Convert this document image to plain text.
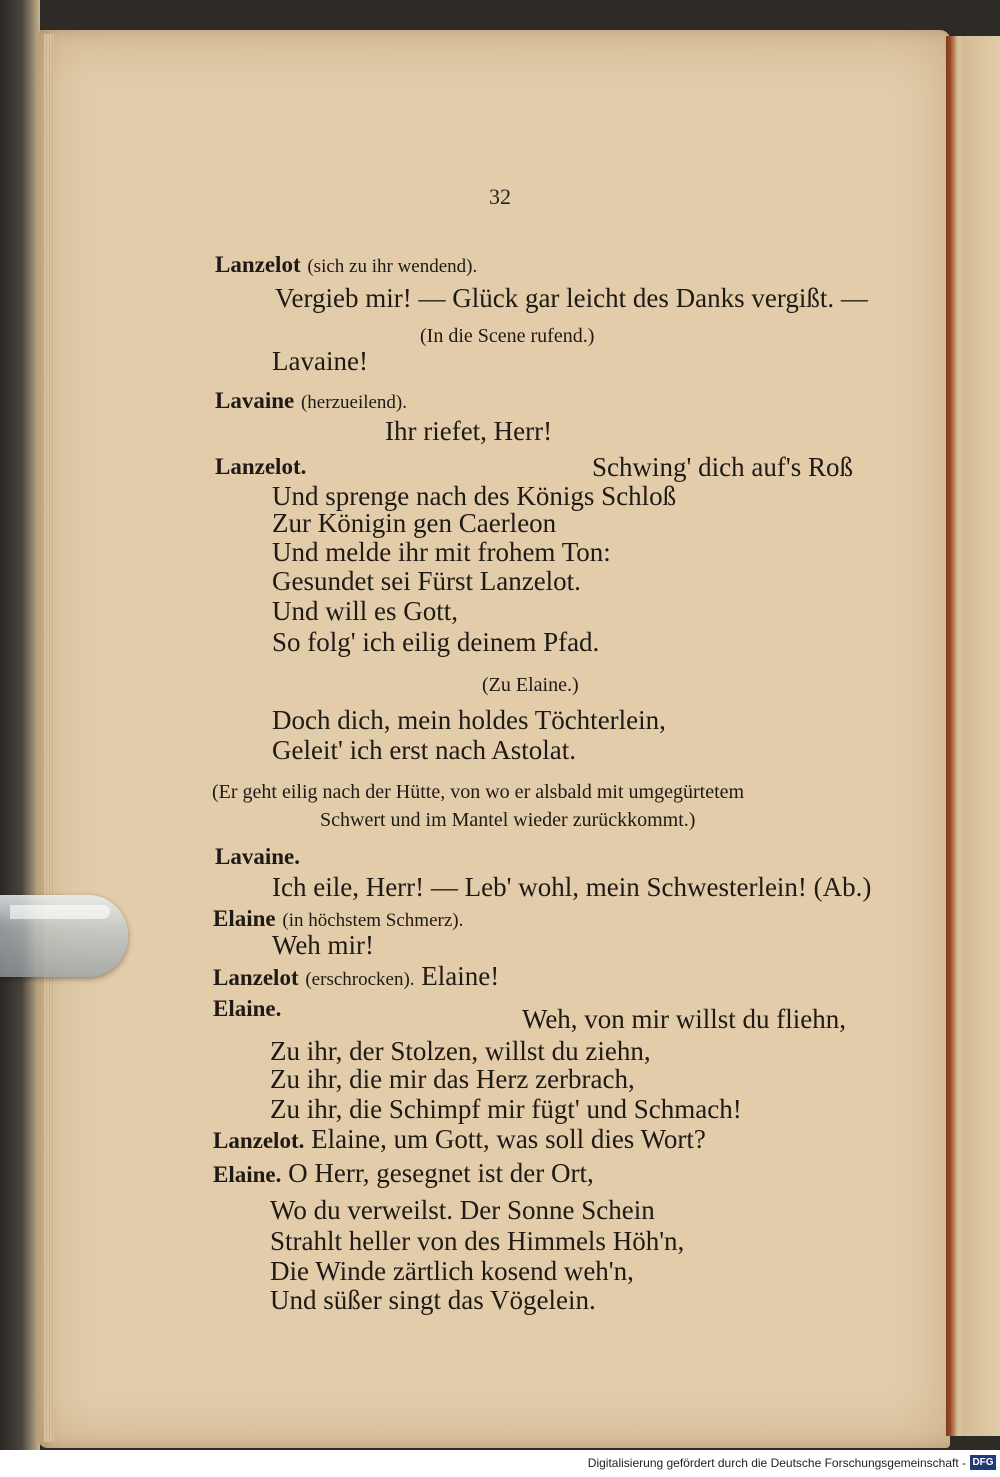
32
Lanzelot (sich zu ihr wendend).
Vergieb mir! — Glück gar leicht des Danks vergißt. —
(In die Scene rufend.)
Lavaine!
Lavaine (herzueilend).
Ihr riefet, Herr!
Lanzelot.	Schwing' dich auf's Roß
Und sprenge nach des Königs Schloß
Zur Königin gen Caerleon
Und melde ihr mit frohem Ton:
Gesundet sei Fürst Lanzelot.
Und will es Gott,
So folg' ich eilig deinem Pfad.
(Zu Elaine.)
Doch dich, mein holdes Töchterlein,
Geleit' ich erst nach Astolat.
(Er geht eilig nach der Hütte, von wo er alsbald mit umgegürtetem
Schwert und im Mantel wieder zurückkommt.)
Lavaine.
Ich eile, Herr! — Leb' wohl, mein Schwesterlein! (Ab.)
Elaine (in höchstem Schmerz).
Weh mir!
Lanzelot (erschrocken). Elaine!
Elaine.	Weh, von mir willst du fliehn,
Zu ihr, der Stolzen, willst du ziehn,
Zu ihr, die mir das Herz zerbrach,
Zu ihr, die Schimpf mir fügt' und Schmach!
Lanzelot. Elaine, um Gott, was soll dies Wort?
Elaine. O Herr, gesegnet ist der Ort,
Wo du verweilst. Der Sonne Schein
Strahlt heller von des Himmels Höh'n,
Die Winde zärtlich kosend weh'n,
Und süßer singt das Vögelein.
Digitalisierung gefördert durch die Deutsche Forschungsgemeinschaft - DFG
